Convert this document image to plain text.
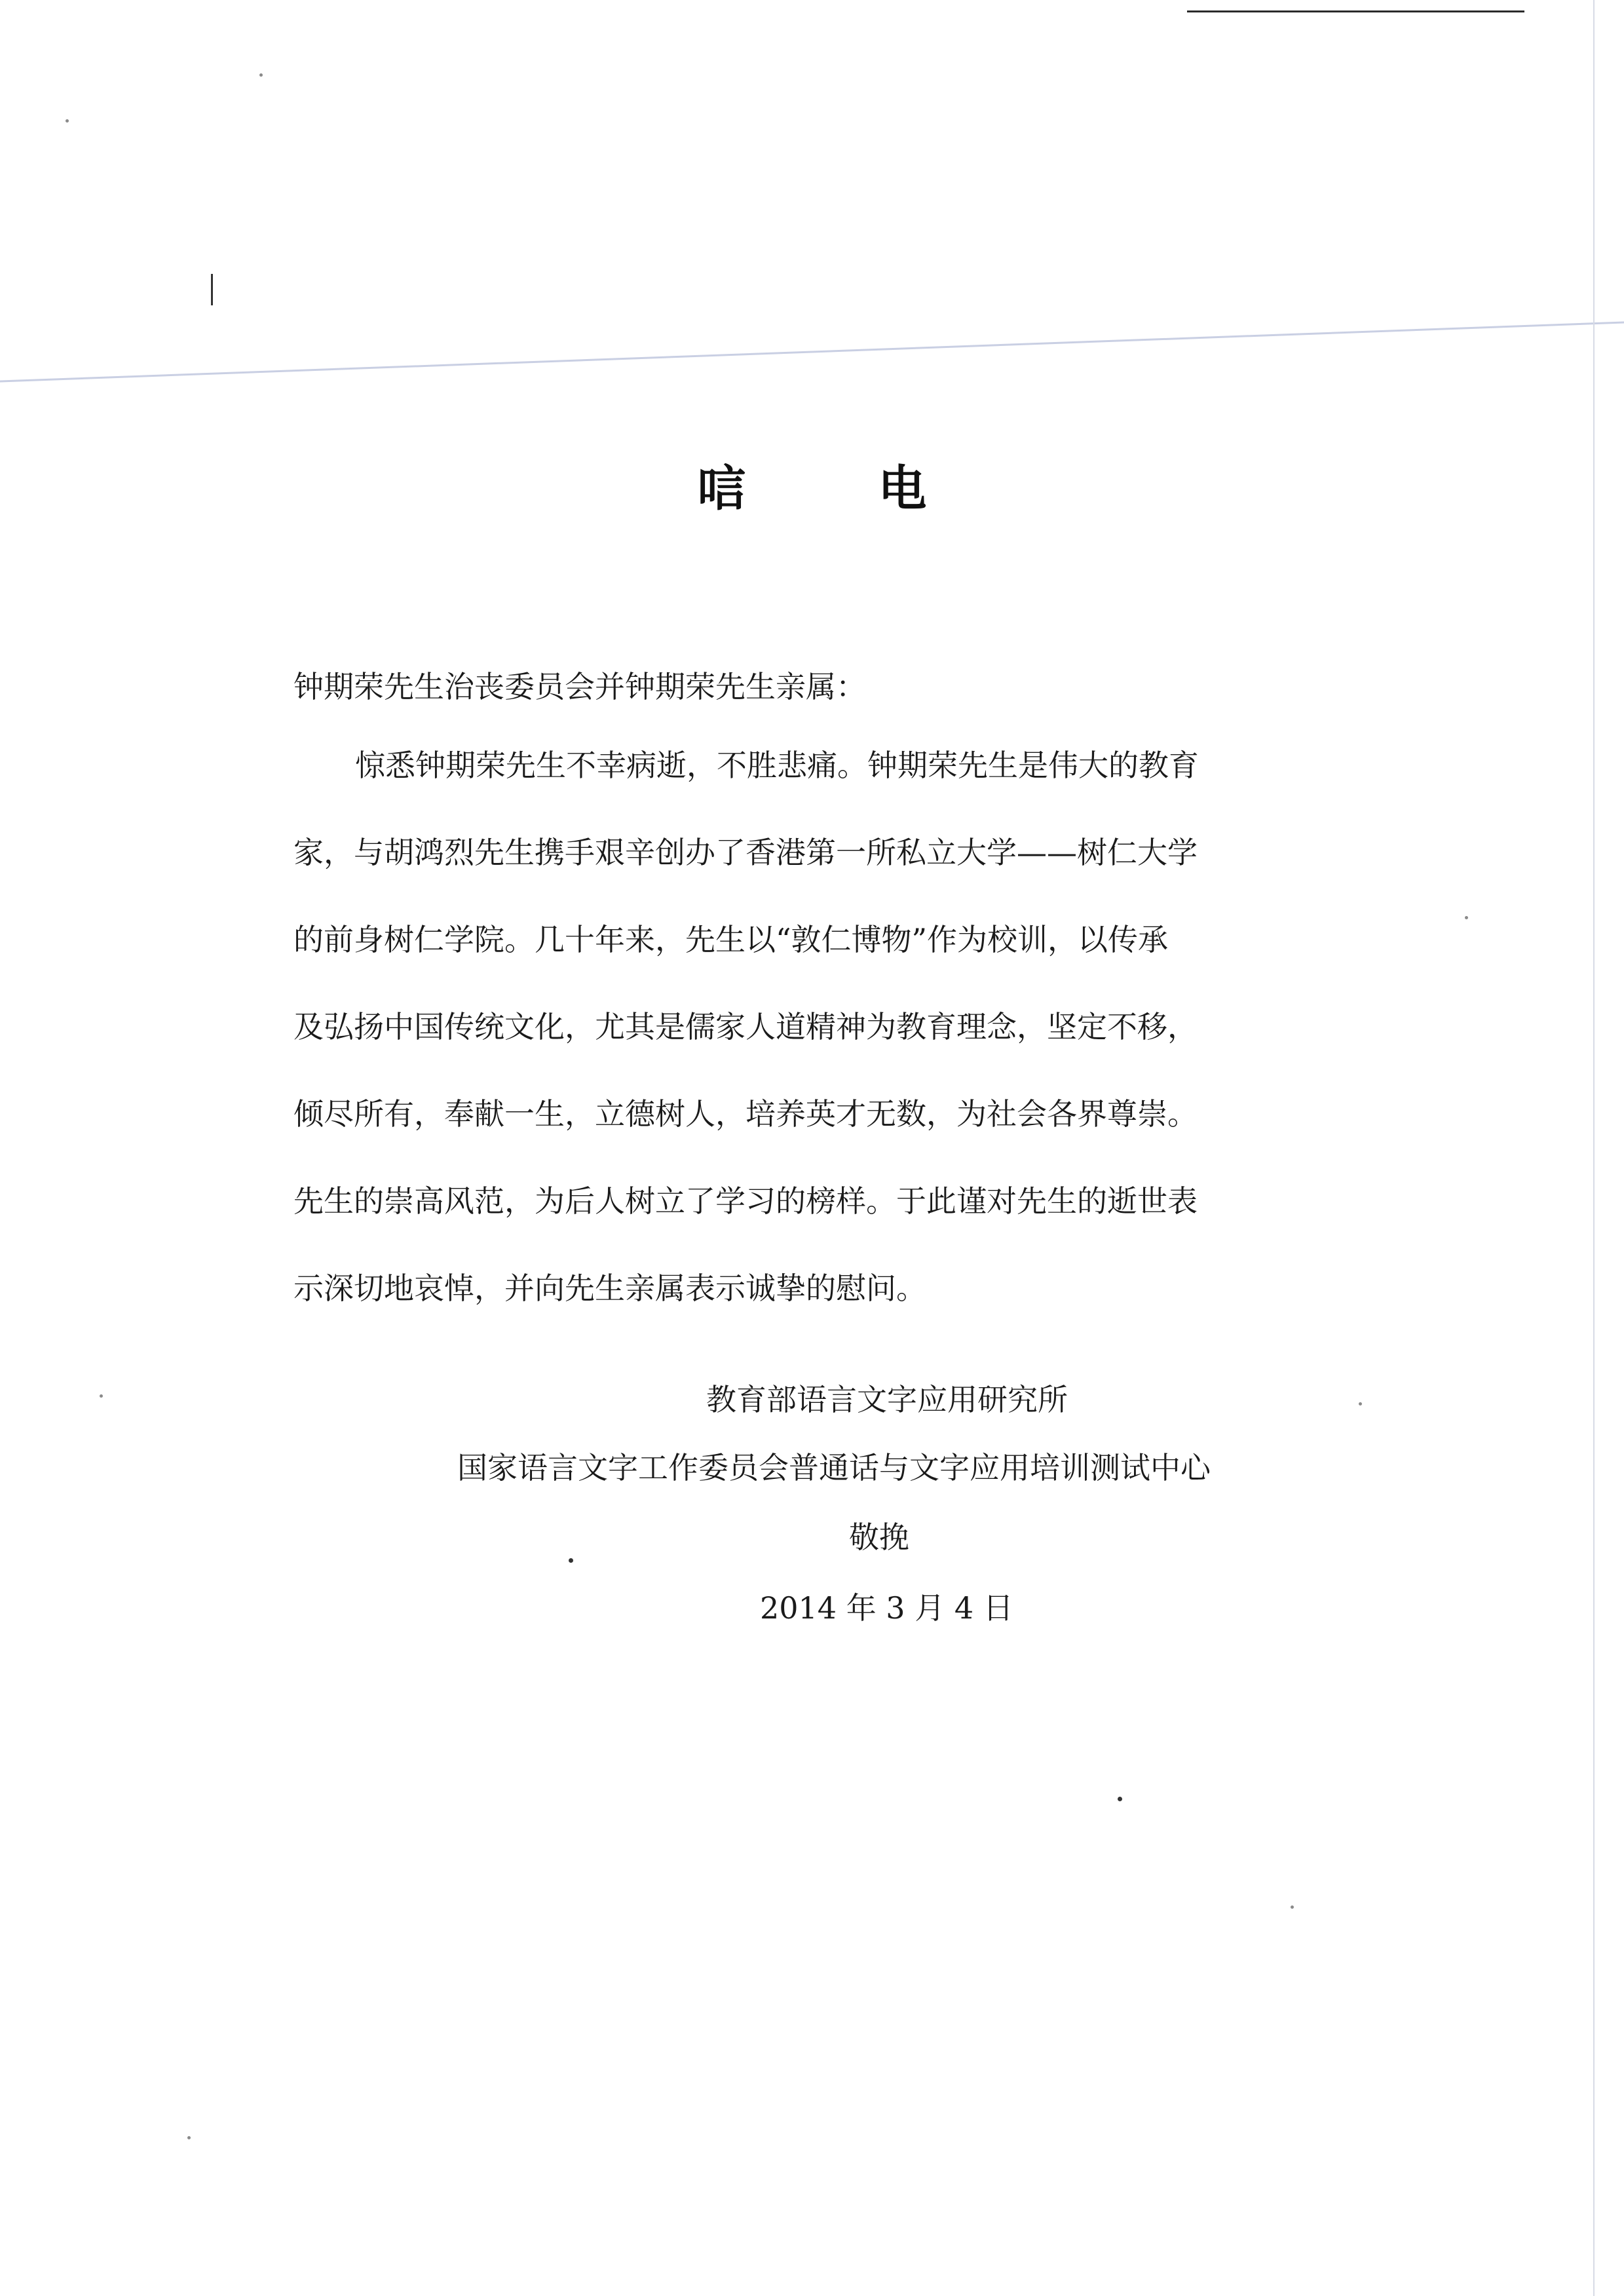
唁 电

钟期荣先生治丧委员会并钟期荣先生亲属：

惊悉钟期荣先生不幸病逝，不胜悲痛。钟期荣先生是伟大的教育
家，与胡鸿烈先生携手艰辛创办了香港第一所私立大学——树仁大学
的前身树仁学院。几十年来，先生以“敦仁博物”作为校训，以传承
及弘扬中国传统文化，尤其是儒家人道精神为教育理念，坚定不移，
倾尽所有，奉献一生，立德树人，培养英才无数，为社会各界尊崇。
先生的崇高风范，为后人树立了学习的榜样。于此谨对先生的逝世表
示深切地哀悼，并向先生亲属表示诚挚的慰问。

教育部语言文字应用研究所

国家语言文字工作委员会普通话与文字应用培训测试中心

敬挽

2014 年 3 月 4 日
